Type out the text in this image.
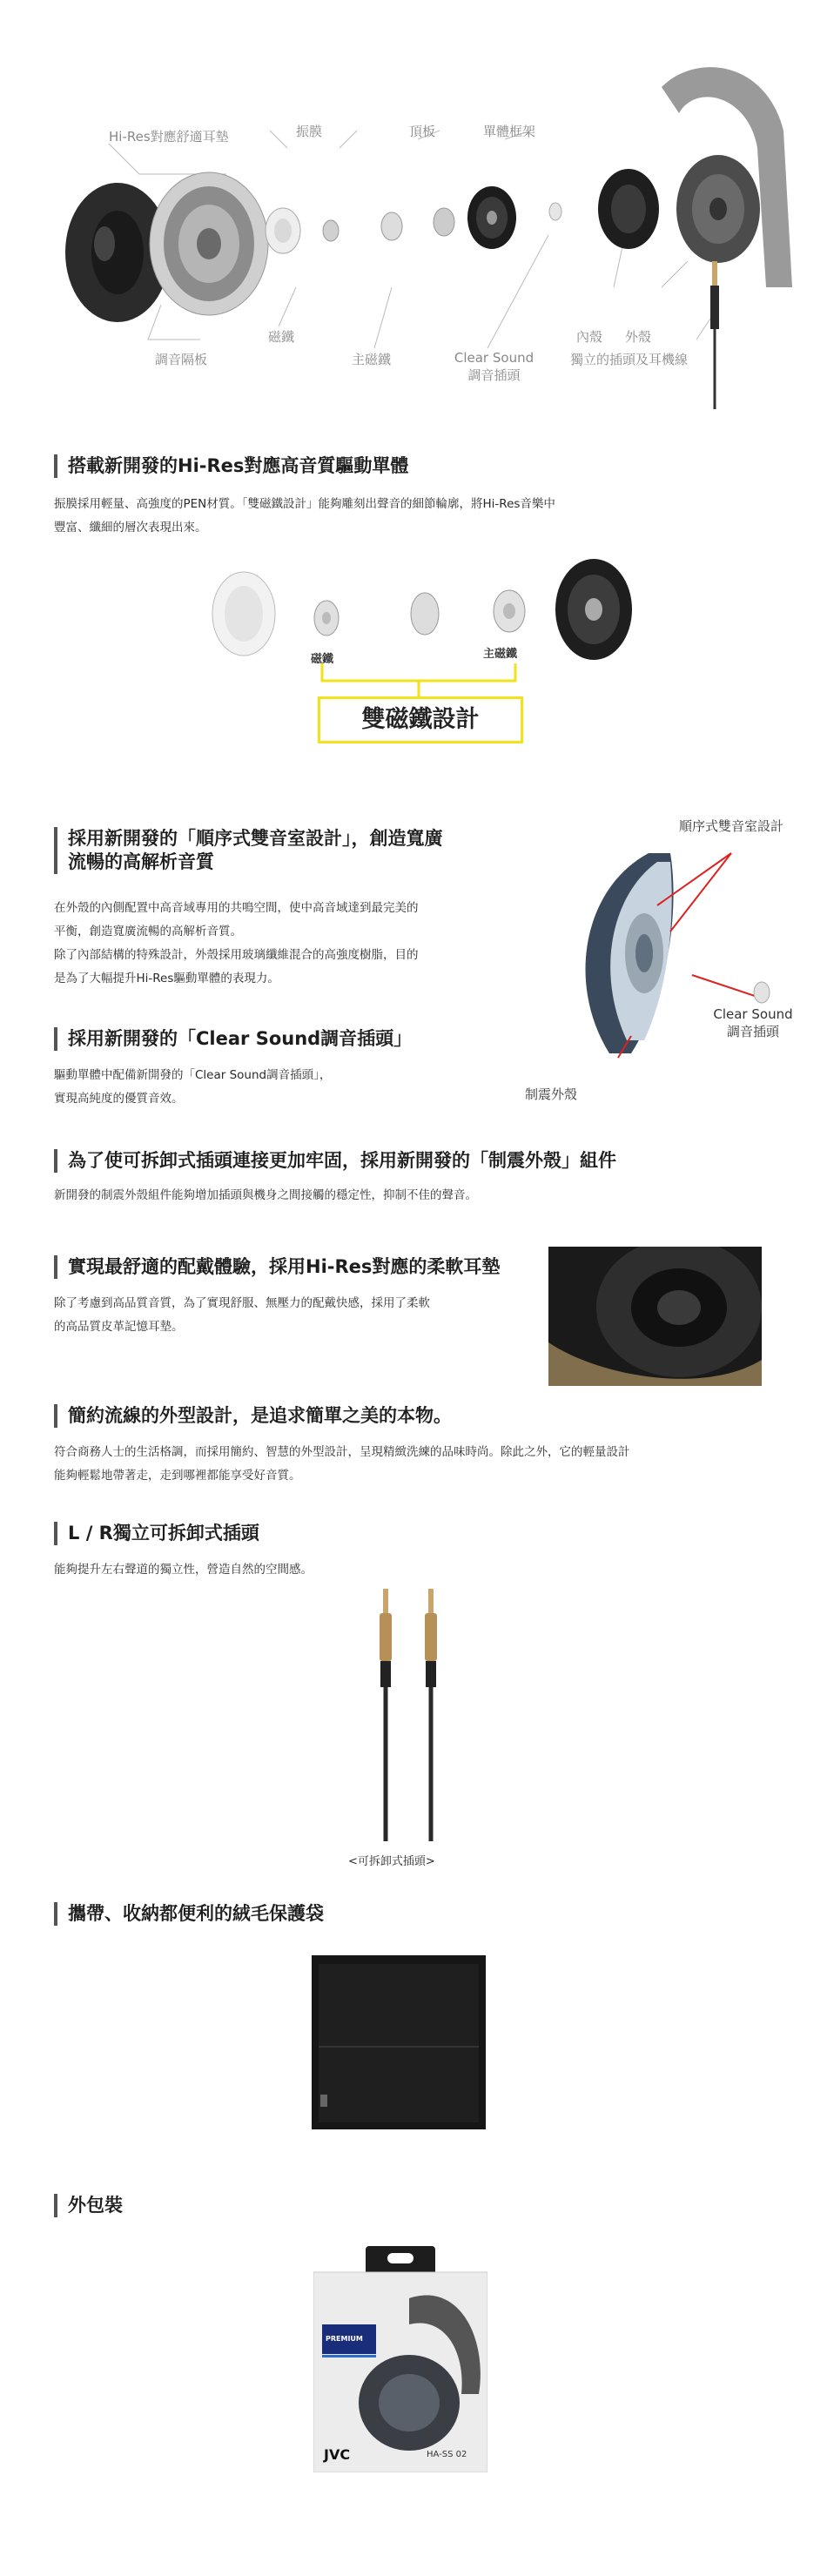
Hi-Res對應舒適耳墊	振膜	頂板	單體框架
調音隔板
磁鐵
主磁鐵	Clear Sound
調音插頭
內殼 外殼
獨立的插頭及耳機線
搭載新開發的Hi-Res對應高音質驅動單體
振膜採用輕量、高強度的PEN材質。「雙磁鐵設計」能夠雕刻出聲音的細節輪廓，將Hi-Res音樂中
豐富、纖細的層次表現出來。
磁鐵	主磁鐵
雙磁鐵設計
採用新開發的「順序式雙音室設計」，創造寬廣
流暢的高解析音質
在外殼的內側配置中高音域專用的共鳴空間，使中高音域達到最完美的
平衡，創造寬廣流暢的高解析音質。
除了內部結構的特殊設計，外殼採用玻璃纖維混合的高強度樹脂，目的
是為了大幅提升Hi-Res驅動單體的表現力。
順序式雙音室設計
Clear Sound
調音插頭
制震外殼
採用新開發的「Clear Sound調音插頭」
驅動單體中配備新開發的「Clear Sound調音插頭」，
實現高純度的優質音效。
為了使可拆卸式插頭連接更加牢固，採用新開發的「制震外殼」組件
新開發的制震外殼組件能夠增加插頭與機身之間接觸的穩定性，抑制不佳的聲音。
實現最舒適的配戴體驗，採用Hi-Res對應的柔軟耳墊
除了考慮到高品質音質，為了實現舒服、無壓力的配戴快感，採用了柔軟
的高品質皮革記憶耳墊。
簡約流線的外型設計，是追求簡單之美的本物。
符合商務人士的生活格調，而採用簡約、智慧的外型設計，呈現精緻洗練的品味時尚。除此之外，它的輕量設計
能夠輕鬆地帶著走，走到哪裡都能享受好音質。
L / R獨立可拆卸式插頭
能夠提升左右聲道的獨立性，營造自然的空間感。
<可拆卸式插頭>
攜帶、收納都便利的絨毛保護袋
外包裝
PREMIUM
JVC	HA-SS 02
